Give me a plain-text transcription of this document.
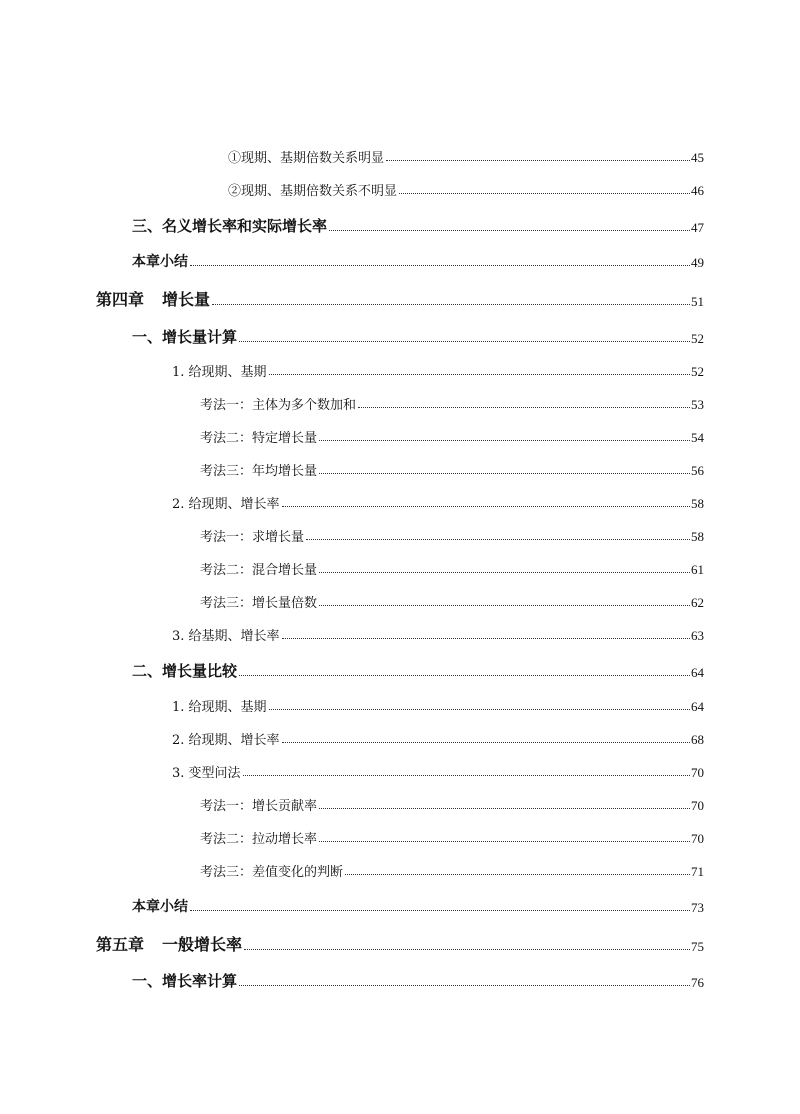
①现期、基期倍数关系明显	45
②现期、基期倍数关系不明显	46
三、名义增长率和实际增长率	47
本章小结	49
第四章 增长量	51
一、增长量计算	52
1. 给现期、基期	52
考法一：主体为多个数加和	53
考法二：特定增长量	54
考法三：年均增长量	56
2. 给现期、增长率	58
考法一：求增长量	58
考法二：混合增长量	61
考法三：增长量倍数	62
3. 给基期、增长率	63
二、增长量比较	64
1. 给现期、基期	64
2. 给现期、增长率	68
3. 变型问法	70
考法一：增长贡献率	70
考法二：拉动增长率	70
考法三：差值变化的判断	71
本章小结	73
第五章 一般增长率	75
一、增长率计算	76
